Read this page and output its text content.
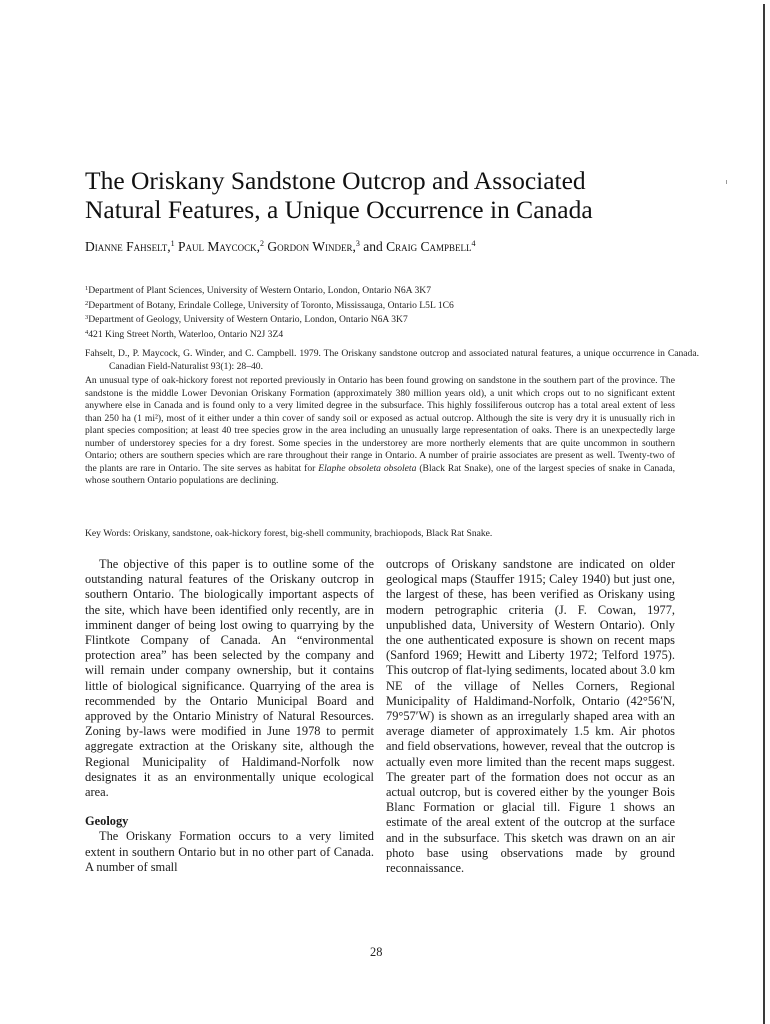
The Oriskany Sandstone Outcrop and Associated
Natural Features, a Unique Occurrence in Canada
Dianne Fahselt,$^1$ Paul Maycock,$^2$ Gordon Winder,$^3$ and Craig Campbell$^4$
$^1$Department of Plant Sciences, University of Western Ontario, London, Ontario N6A 3K7
$^2$Department of Botany, Erindale College, University of Toronto, Mississauga, Ontario L5L 1C6
$^3$Department of Geology, University of Western Ontario, London, Ontario N6A 3K7
$^4$421 King Street North, Waterloo, Ontario N2J 3Z4
Fahselt, D., P. Maycock, G. Winder, and C. Campbell. 1979. The Oriskany sandstone outcrop and associated natural features, a unique occurrence in Canada. Canadian Field-Naturalist 93(1): 28–40.
An unusual type of oak-hickory forest not reported previously in Ontario has been found growing on sandstone in the southern part of the province. The sandstone is the middle Lower Devonian Oriskany Formation (approximately 380 million years old), a unit which crops out to no significant extent anywhere else in Canada and is found only to a very limited degree in the subsurface. This highly fossiliferous outcrop has a total areal extent of less than 250 ha (1 mi²), most of it either under a thin cover of sandy soil or exposed as actual outcrop. Although the site is very dry it is unusually rich in plant species composition; at least 40 tree species grow in the area including an unusually large representation of oaks. There is an unexpectedly large number of understorey species for a dry forest. Some species in the understorey are more northerly elements that are quite uncommon in southern Ontario; others are southern species which are rare throughout their range in Ontario. A number of prairie associates are present as well. Twenty-two of the plants are rare in Ontario. The site serves as habitat for Elaphe obsoleta obsoleta (Black Rat Snake), one of the largest species of snake in Canada, whose southern Ontario populations are declining.
Key Words: Oriskany, sandstone, oak-hickory forest, big-shell community, brachiopods, Black Rat Snake.

The objective of this paper is to outline some of the outstanding natural features of the Oriskany outcrop in southern Ontario. The biologically important aspects of the site, which have been identified only recently, are in imminent danger of being lost owing to quarrying by the Flintkote Company of Canada. An “environmental protection area” has been selected by the company and will remain under company ownership, but it contains little of biological significance. Quarrying of the area is recommended by the Ontario Municipal Board and approved by the Ontario Ministry of Natural Resources. Zoning by-laws were modified in June 1978 to permit aggregate extraction at the Oriskany site, although the Regional Municipality of Haldimand-Norfolk now designates it as an environmentally unique ecological area.

Geology

The Oriskany Formation occurs to a very limited extent in southern Ontario but in no other part of Canada. A number of small

outcrops of Oriskany sandstone are indicated on older geological maps (Stauffer 1915; Caley 1940) but just one, the largest of these, has been verified as Oriskany using modern petrographic criteria (J. F. Cowan, 1977, unpublished data, University of Western Ontario). Only the one authenticated exposure is shown on recent maps (Sanford 1969; Hewitt and Liberty 1972; Telford 1975). This outcrop of flat-lying sediments, located about 3.0 km NE of the village of Nelles Corners, Regional Municipality of Haldimand-Norfolk, Ontario (42°56′N, 79°57′W) is shown as an irregularly shaped area with an average diameter of approximately 1.5 km. Air photos and field observations, however, reveal that the outcrop is actually even more limited than the recent maps suggest. The greater part of the formation does not occur as an actual outcrop, but is covered either by the younger Bois Blanc Formation or glacial till. Figure 1 shows an estimate of the areal extent of the outcrop at the surface and in the subsurface. This sketch was drawn on an air photo base using observations made by ground reconnaissance.

28
